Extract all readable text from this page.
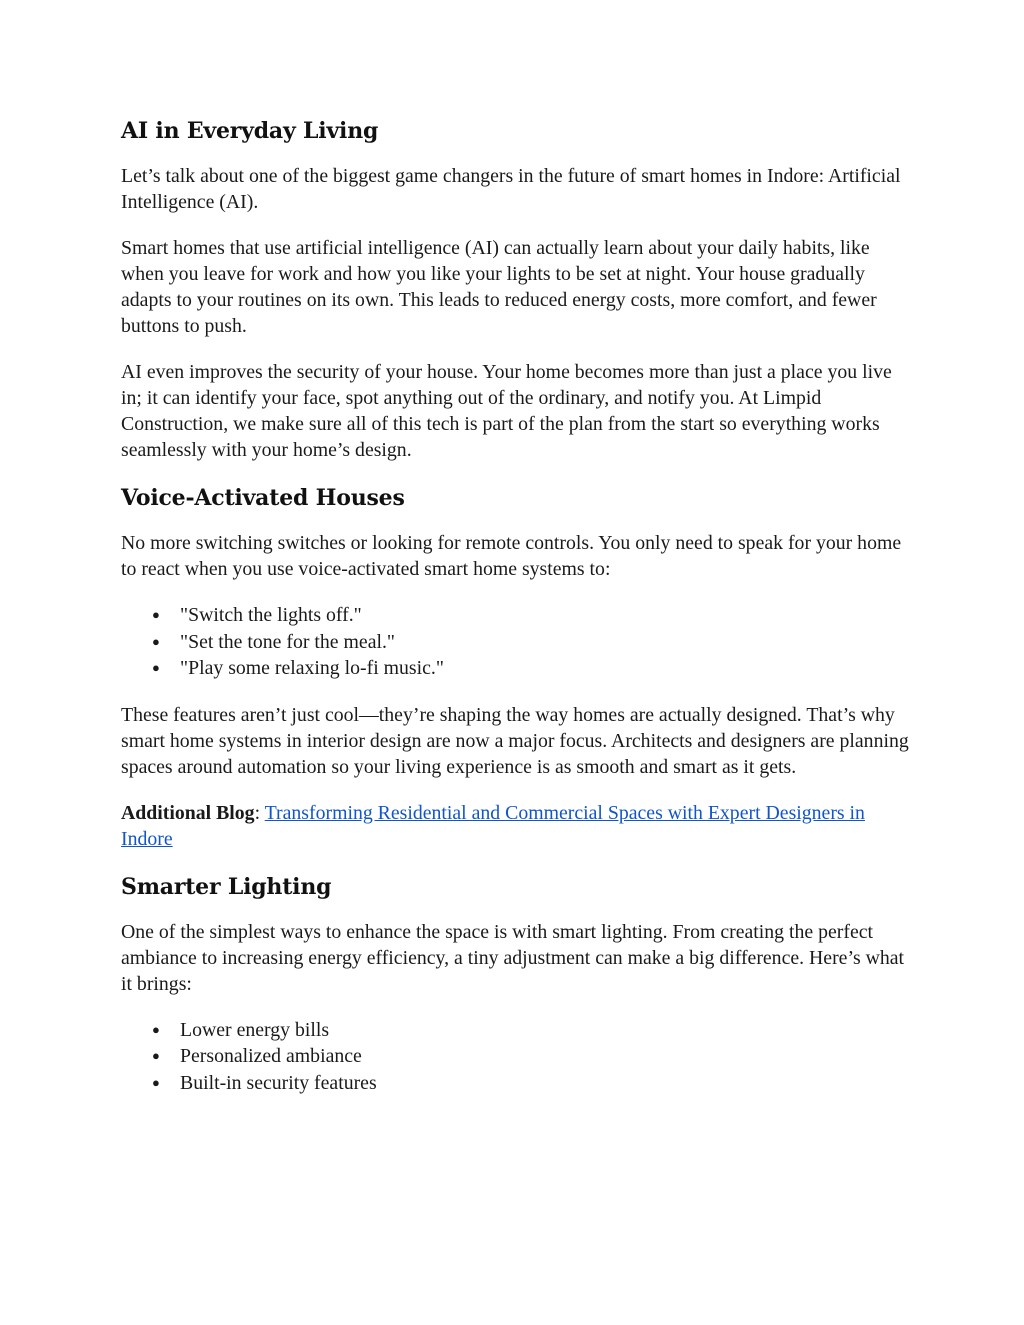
AI in Everyday Living

Let’s talk about one of the biggest game changers in the future of smart homes in Indore: Artificial Intelligence (AI).

Smart homes that use artificial intelligence (AI) can actually learn about your daily habits, like when you leave for work and how you like your lights to be set at night. Your house gradually adapts to your routines on its own. This leads to reduced energy costs, more comfort, and fewer buttons to push.

AI even improves the security of your house. Your home becomes more than just a place you live in; it can identify your face, spot anything out of the ordinary, and notify you. At Limpid Construction, we make sure all of this tech is part of the plan from the start so everything works seamlessly with your home’s design.

Voice-Activated Houses

No more switching switches or looking for remote controls. You only need to speak for your home to react when you use voice-activated smart home systems to:

● "Switch the lights off."
● "Set the tone for the meal."
● "Play some relaxing lo-fi music."

These features aren’t just cool—they’re shaping the way homes are actually designed. That’s why smart home systems in interior design are now a major focus. Architects and designers are planning spaces around automation so your living experience is as smooth and smart as it gets.

Additional Blog: Transforming Residential and Commercial Spaces with Expert Designers in Indore

Smarter Lighting

One of the simplest ways to enhance the space is with smart lighting. From creating the perfect ambiance to increasing energy efficiency, a tiny adjustment can make a big difference. Here’s what it brings:

● Lower energy bills
● Personalized ambiance
● Built-in security features
